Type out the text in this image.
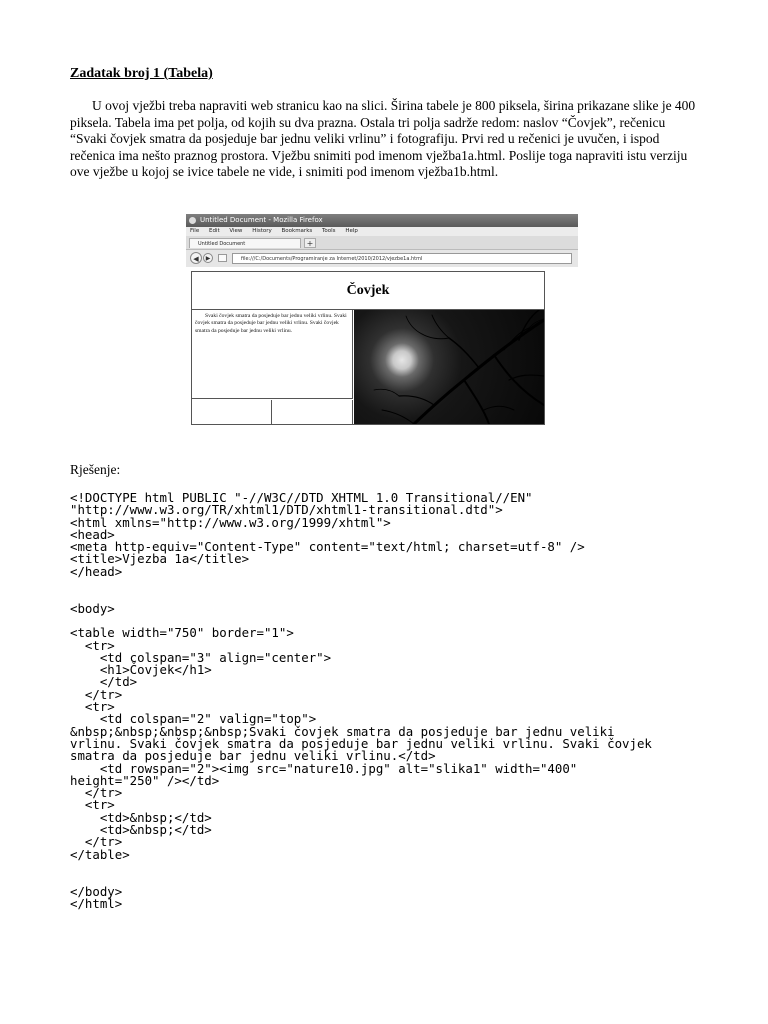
Zadatak broj 1 (Tabela)

U ovoj vježbi treba napraviti web stranicu kao na slici. Širina tabele je 800 piksela, širina prikazane slike je 400 piksela. Tabela ima pet polja, od kojih su dva prazna. Ostala tri polja sadrže redom: naslov “Čovjek”, rečenicu “Svaki čovjek smatra da posjeduje bar jednu veliki vrlinu” i fotografiju. Prvi red u rečenici je uvučen, i ispod rečenica ima nešto praznog prostora. Vježbu snimiti pod imenom vježba1a.html. Poslije toga napraviti istu verziju ove vježbe u kojoj se ivice tabele ne vide, i snimiti pod imenom vježba1b.html.

Untitled Document - Mozilla Firefox
File Edit View History Bookmarks Tools Help
Untitled Document	+
◀	▶	file:///C:/Documents/Programiranje za Internet/2010/2012/vjezbe1a.html
Čovjek
Svaki čovjek smatra da posjeduje bar jednu veliki vrlinu. Svaki čovjek smatra da posjeduje bar jednu veliki vrlinu. Svaki čovjek smatra da posjeduje bar jednu veliki vrlinu.
Rješenje:
<!DOCTYPE html PUBLIC "-//W3C//DTD XHTML 1.0 Transitional//EN"
"http://www.w3.org/TR/xhtml1/DTD/xhtml1-transitional.dtd">
<html xmlns="http://www.w3.org/1999/xhtml">
<head>
<meta http-equiv="Content-Type" content="text/html; charset=utf-8" />
<title>Vjezba 1a</title>
</head>

<body>

<table width="750" border="1">
<tr>
<td colspan="3" align="center">
<h1>Čovjek</h1>
</td>
</tr>
<tr>
<td colspan="2" valign="top">
&nbsp;&nbsp;&nbsp;&nbsp;Svaki čovjek smatra da posjeduje bar jednu veliki
vrlinu. Svaki čovjek smatra da posjeduje bar jednu veliki vrlinu. Svaki čovjek
smatra da posjeduje bar jednu veliki vrlinu.</td>
<td rowspan="2"><img src="nature10.jpg" alt="slika1" width="400"
height="250" /></td>
</tr>
<tr>
<td>&nbsp;</td>
<td>&nbsp;</td>
</tr>
</table>

</body>
</html>
